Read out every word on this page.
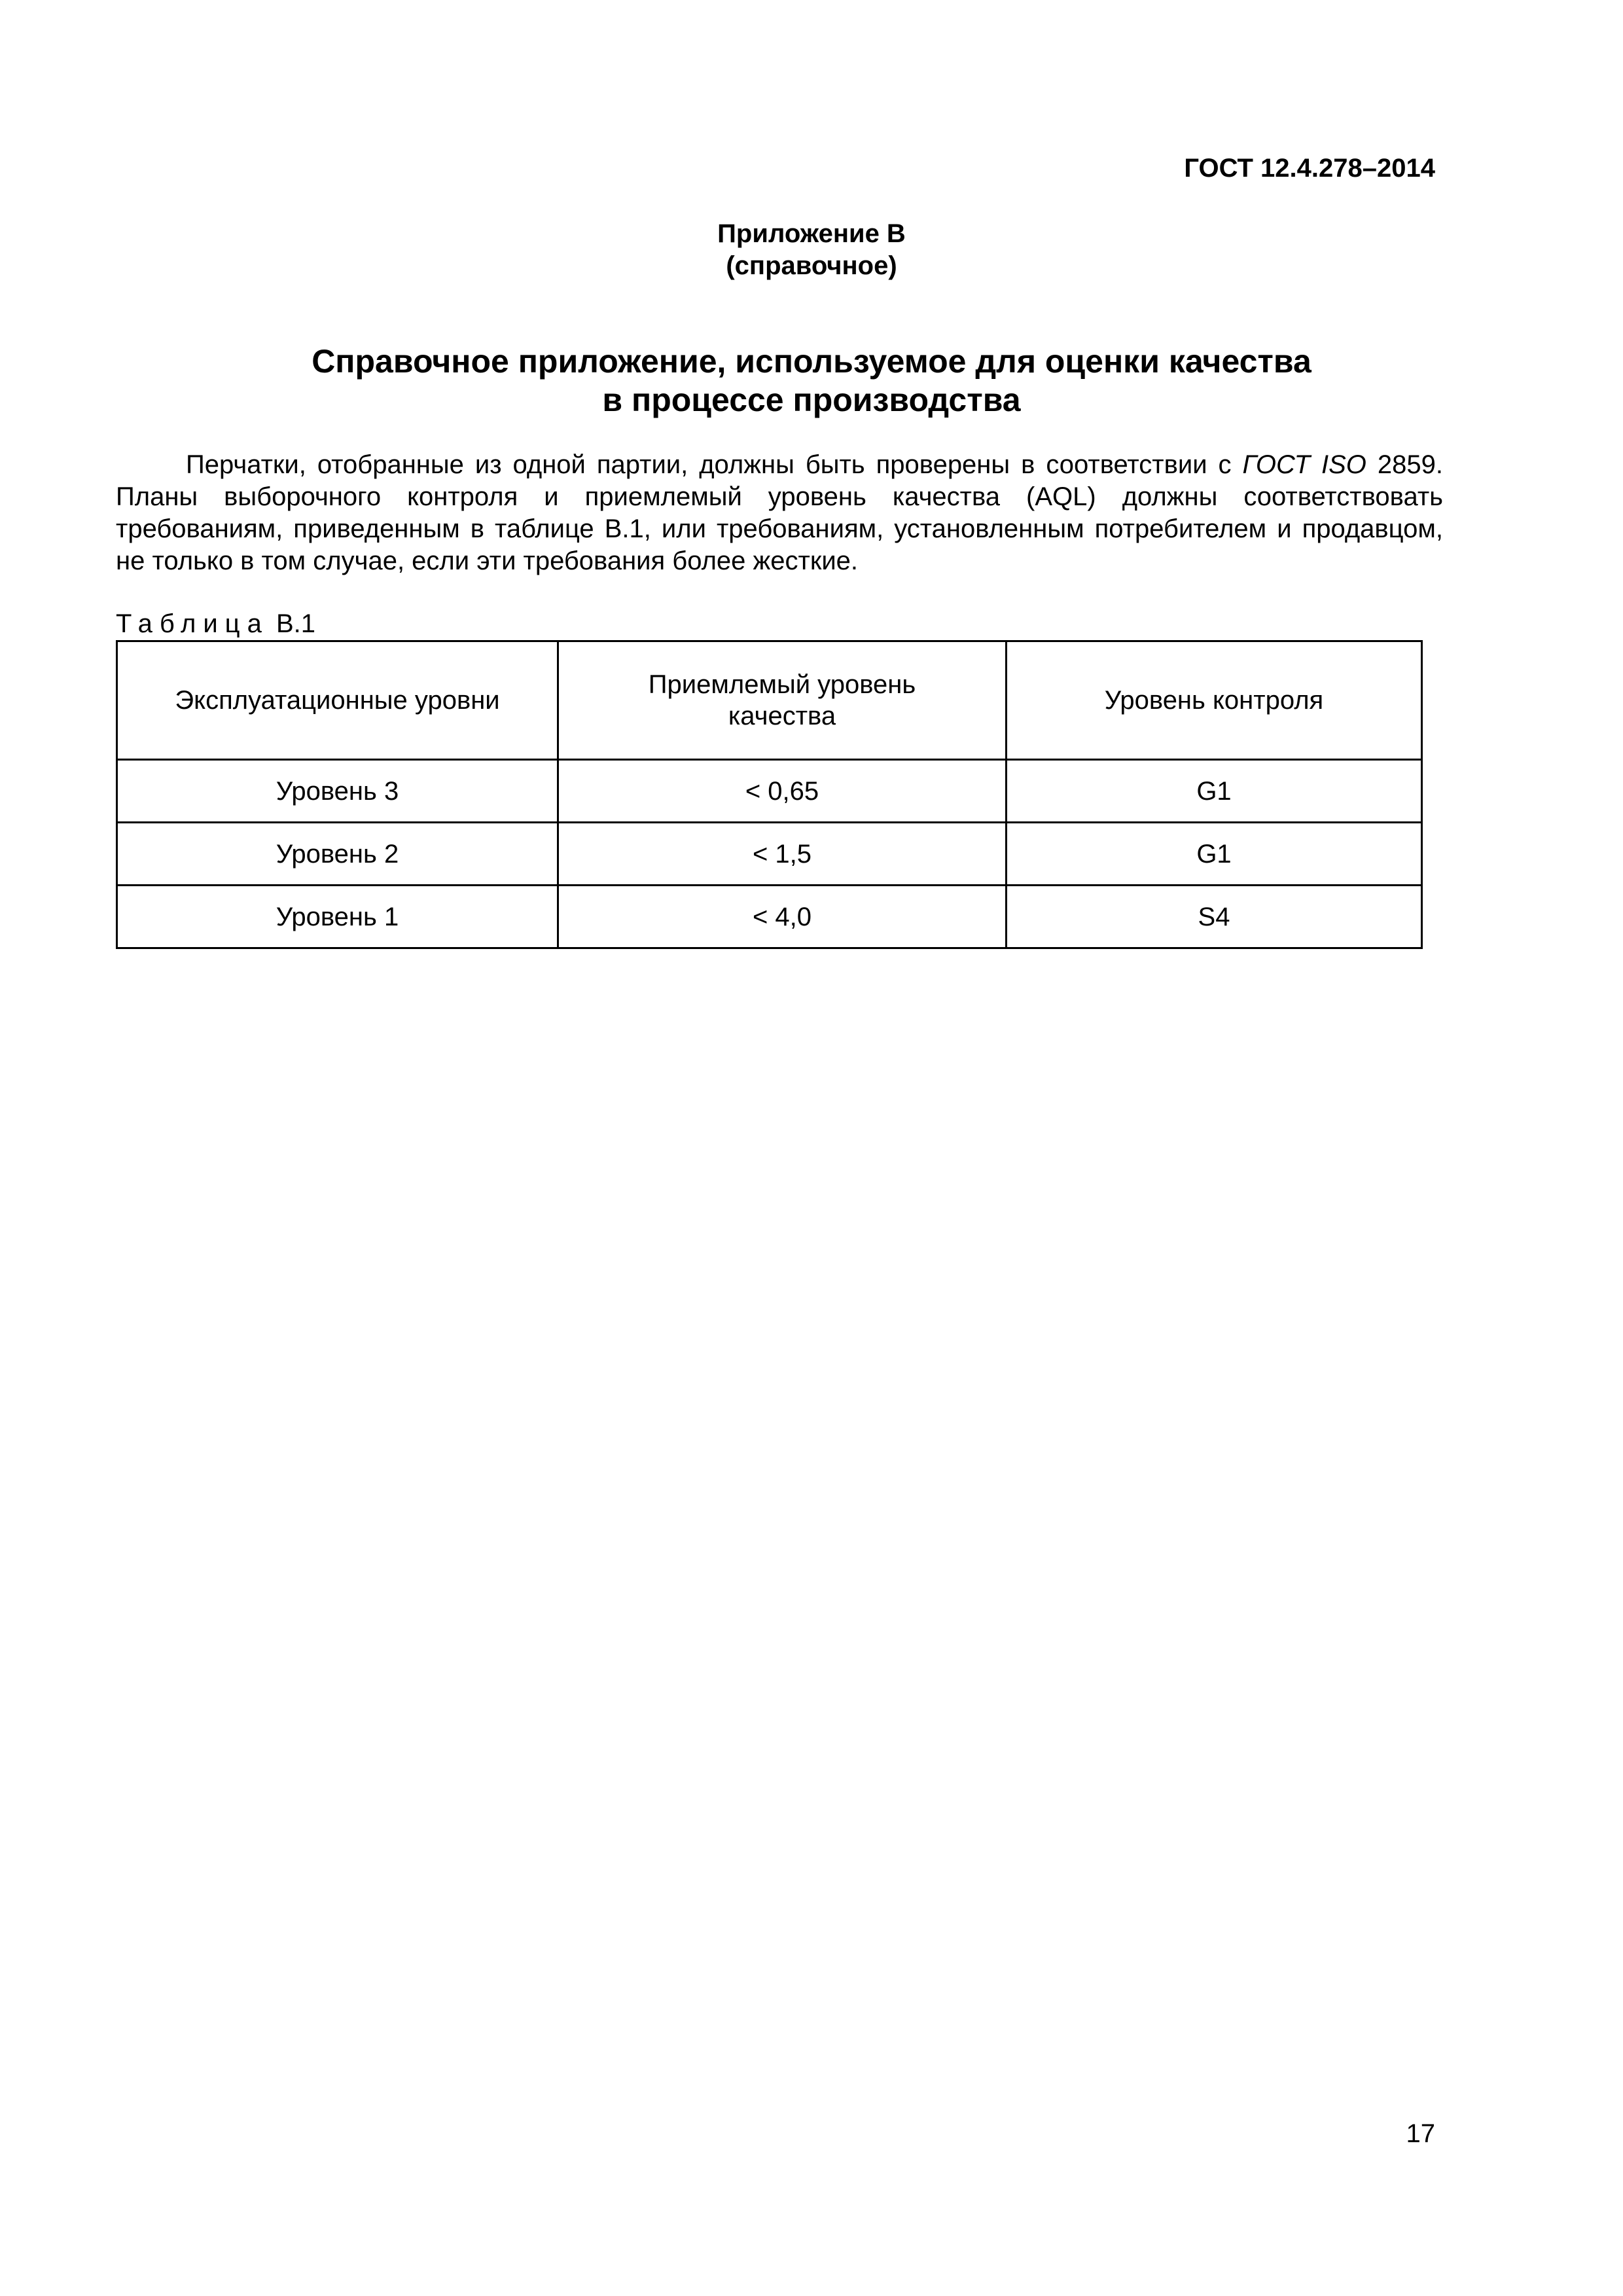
ГОСТ 12.4.278–2014
Приложение В
(справочное)
Справочное приложение, используемое для оценки качества
в процессе производства

Перчатки, отобранные из одной партии, должны быть проверены в соответствии с ГОСТ ISO 2859. Планы выборочного контроля и приемлемый уровень качества (AQL) должны соответствовать требованиям, приведенным в таблице В.1, или требованиям, установленным потребителем и продавцом, не только в том случае, если эти требования более жесткие.

Таблица В.1
Эксплуатационные уровни	Приемлемый уровень качества	Уровень контроля
Уровень 3	< 0,65	G1
Уровень 2	< 1,5	G1
Уровень 1	< 4,0	S4
17
